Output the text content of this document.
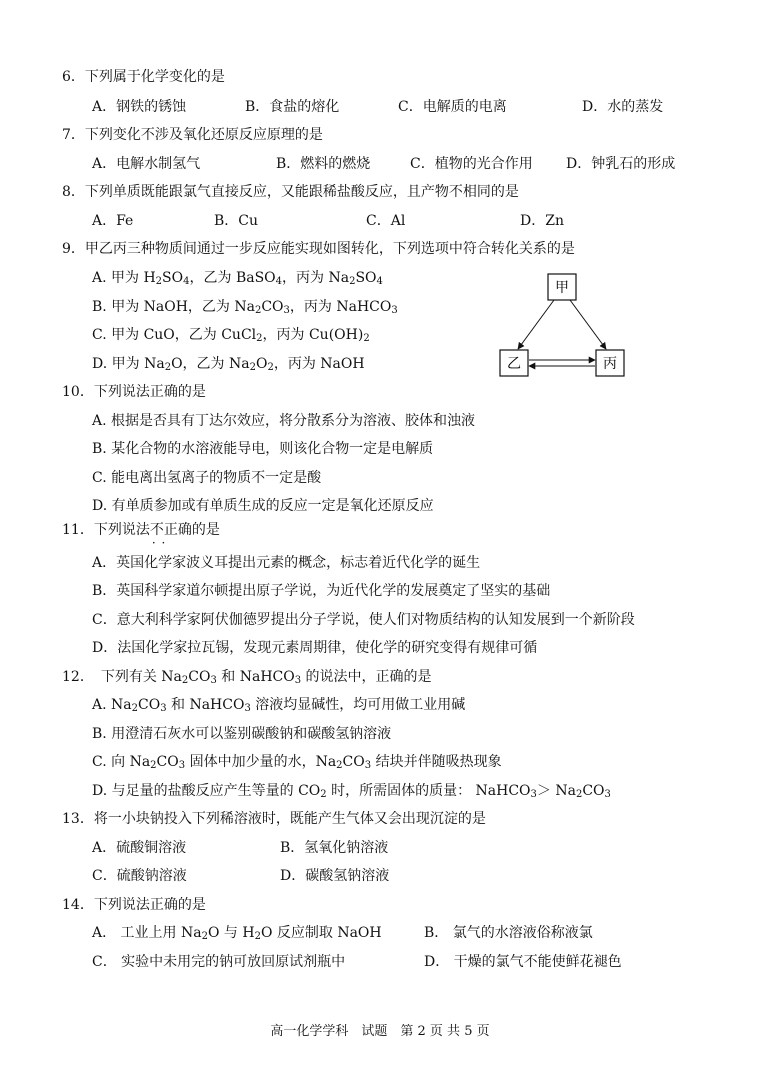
6．下列属于化学变化的是
A．钢铁的锈蚀	B．食盐的熔化	C．电解质的电离	D．水的蒸发
7．下列变化不涉及氧化还原反应原理的是
A．电解水制氢气	B．燃料的燃烧	C．植物的光合作用 D．钟乳石的形成
8．下列单质既能跟氯气直接反应，又能跟稀盐酸反应，且产物不相同的是
A．Fe	B．Cu	C．Al	D．Zn
9．甲乙丙三种物质间通过一步反应能实现如图转化，下列选项中符合转化关系的是
A. 甲为 $H_2SO_4$，乙为 BaSO$_4$，丙为 $Na_2SO_4$
B. 甲为 NaOH，乙为 $Na_2CO_3$，丙为 NaHCO$_3$
C. 甲为 CuO，乙为 CuCl$_2$，丙为 $Cu(OH)_2$
D. 甲为 $Na_2O$，乙为 $Na_2O_2$，丙为 NaOH
甲
乙	丙
10．下列说法正确的是
A. 根据是否具有丁达尔效应，将分散系分为溶液、胶体和浊液
B. 某化合物的水溶液能导电，则该化合物一定是电解质
C. 能电离出氢离子的物质不一定是酸
D. 有单质参加或有单质生成的反应一定是氧化还原反应
11．下列说法不正确 · ·的是
A．英国化学家波义耳提出元素的概念，标志着近代化学的诞生
B．英国科学家道尔顿提出原子学说，为近代化学的发展奠定了坚实的基础
C．意大利科学家阿伏伽德罗提出分子学说，使人们对物质结构的认知发展到一个新阶段
D．法国化学家拉瓦锡，发现元素周期律，使化学的研究变得有规律可循
12．　下列有关 $Na_2CO_3$ 和 NaHCO$_3$ 的说法中，正确的是
A. $Na_2CO_3$ 和 NaHCO$_3$ 溶液均显碱性，均可用做工业用碱
B. 用澄清石灰水可以鉴别碳酸钠和碳酸氢钠溶液
C. 向 $Na_2CO_3$ 固体中加少量的水，$Na_2CO_3$ 结块并伴随吸热现象
D. 与足量的盐酸反应产生等量的 $CO_2$ 时，所需固体的质量： NaHCO$_3$＞ $Na_2CO_3$
13．将一小块钠投入下列稀溶液时，既能产生气体又会出现沉淀的是
A．硫酸铜溶液	B．氢氧化钠溶液
C．硫酸钠溶液	D．碳酸氢钠溶液
14．下列说法正确的是
A． 工业上用 $Na_2O$ 与 $H_2O$ 反应制取 NaOH	B． 氯气的水溶液俗称液氯
C． 实验中未用完的钠可放回原试剂瓶中	D． 干燥的氯气不能使鲜花褪色
高一化学学科　试题　第 2 页 共 5 页
